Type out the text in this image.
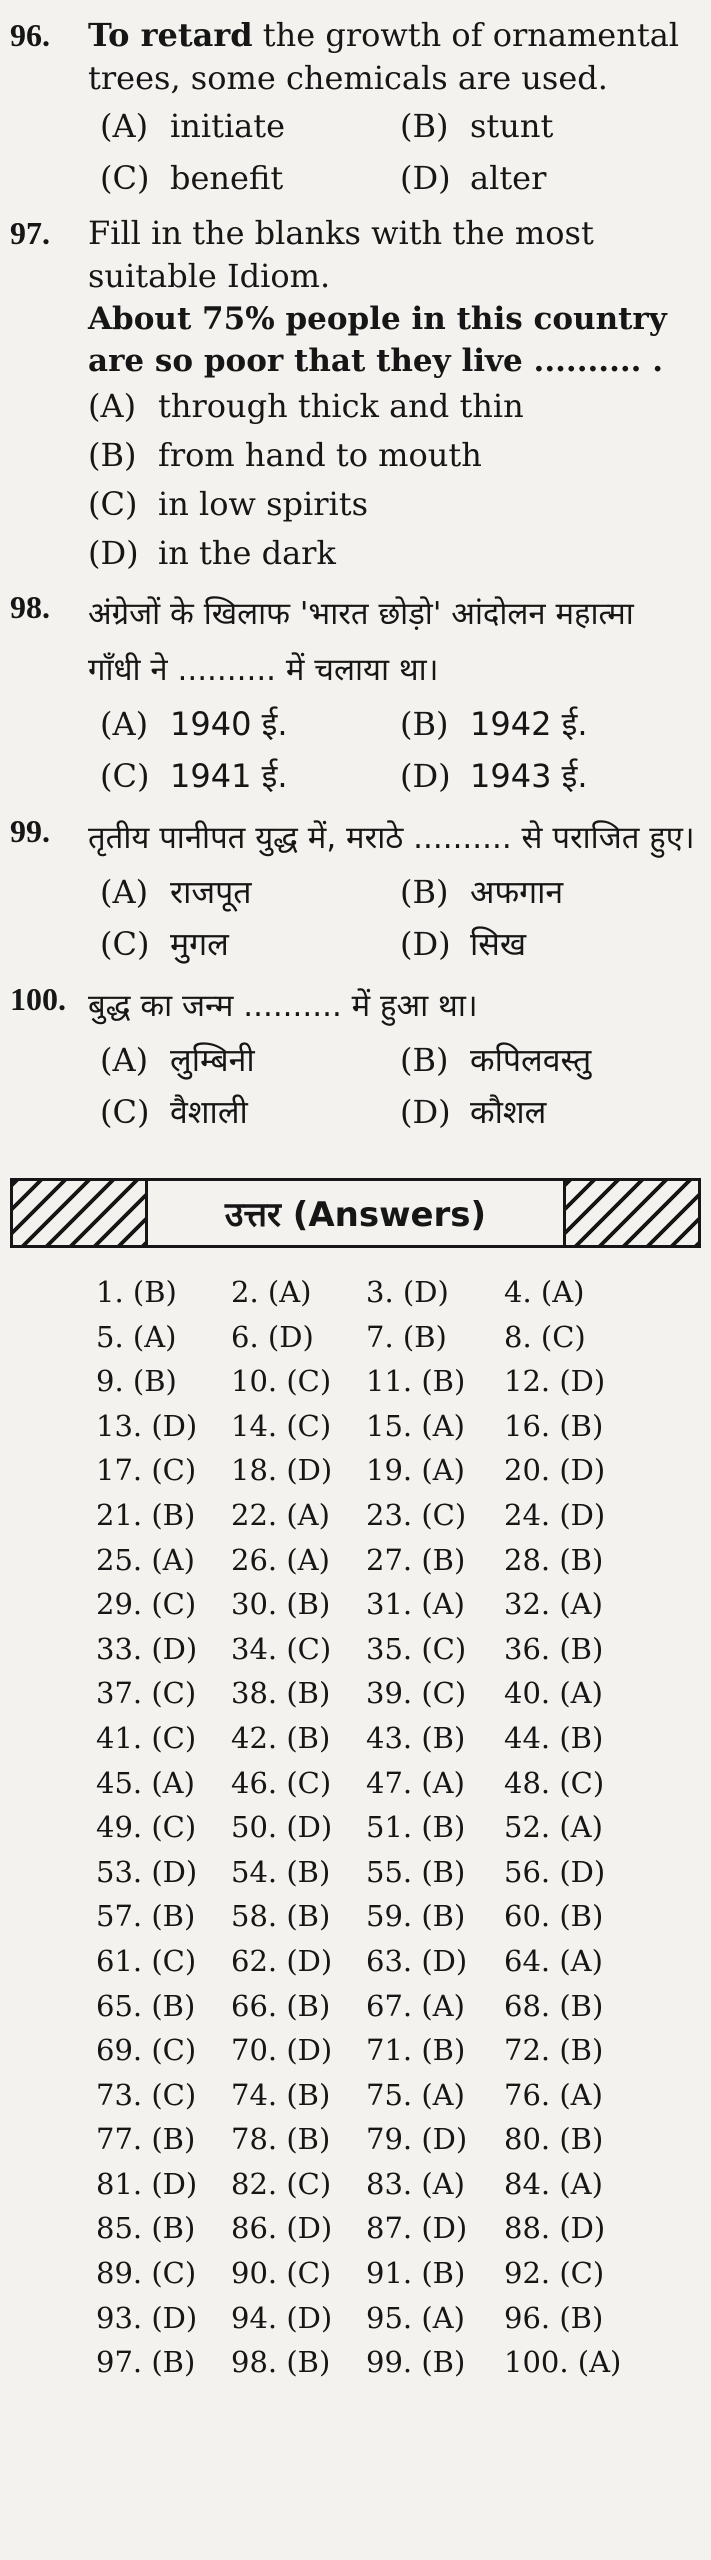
96.	To retard the growth of ornamental trees, some chemicals are used.
(A) initiate	(B) stunt
(C) benefit	(D) alter
97.	Fill in the blanks with the most suitable Idiom.
About 75% people in this country are so poor that they live .......... .
(A) through thick and thin
(B) from hand to mouth
(C) in low spirits
(D) in the dark
98.	अंग्रेजों के खिलाफ 'भारत छोड़ो' आंदोलन महात्मा गाँधी ने .......... में चलाया था।
(A) 1940 ई.	(B) 1942 ई.
(C) 1941 ई.	(D) 1943 ई.
99.	तृतीय पानीपत युद्ध में, मराठे .......... से पराजित हुए।
(A) राजपूत	(B) अफगान
(C) मुगल	(D) सिख
100. बुद्ध का जन्म .......... में हुआ था।
(A) लुम्बिनी	(B) कपिलवस्तु
(C) वैशाली	(D) कौशल
उत्तर (Answers)
1. (B)	2. (A)	3. (D)	4. (A)
5. (A)	6. (D)	7. (B)	8. (C)
9. (B)	10. (C)	11. (B)	12. (D)
13. (D)	14. (C)	15. (A)	16. (B)
17. (C)	18. (D)	19. (A)	20. (D)
21. (B)	22. (A)	23. (C)	24. (D)
25. (A)	26. (A)	27. (B)	28. (B)
29. (C)	30. (B)	31. (A)	32. (A)
33. (D)	34. (C)	35. (C)	36. (B)
37. (C)	38. (B)	39. (C)	40. (A)
41. (C)	42. (B)	43. (B)	44. (B)
45. (A)	46. (C)	47. (A)	48. (C)
49. (C)	50. (D)	51. (B)	52. (A)
53. (D)	54. (B)	55. (B)	56. (D)
57. (B)	58. (B)	59. (B)	60. (B)
61. (C)	62. (D)	63. (D)	64. (A)
65. (B)	66. (B)	67. (A)	68. (B)
69. (C)	70. (D)	71. (B)	72. (B)
73. (C)	74. (B)	75. (A)	76. (A)
77. (B)	78. (B)	79. (D)	80. (B)
81. (D)	82. (C)	83. (A)	84. (A)
85. (B)	86. (D)	87. (D)	88. (D)
89. (C)	90. (C)	91. (B)	92. (C)
93. (D)	94. (D)	95. (A)	96. (B)
97. (B)	98. (B)	99. (B)	100. (A)
